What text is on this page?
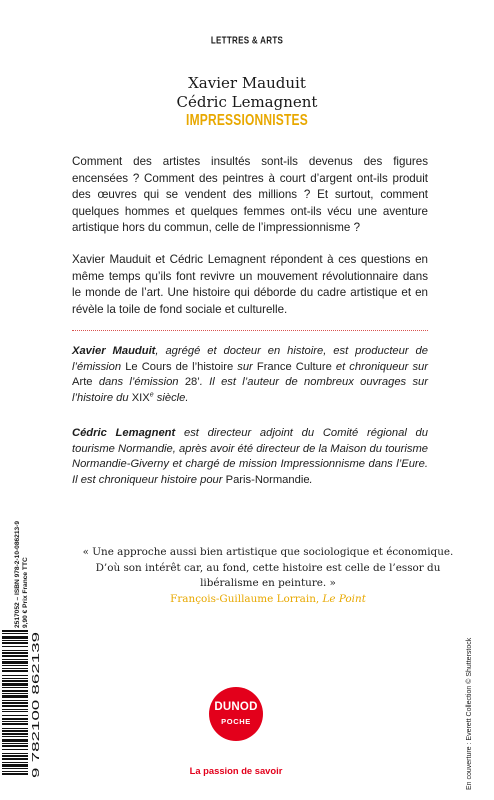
LETTRES & ARTS
Xavier Mauduit
Cédric Lemagnent
IMPRESSIONNISTES
Comment des artistes insultés sont-ils devenus des figures encensées ? Comment des peintres à court d’argent ont-ils produit des œuvres qui se vendent des millions ? Et surtout, comment quelques hommes et quelques femmes ont-ils vécu une aventure artistique hors du commun, celle de l’impressionnisme ?
Xavier Mauduit et Cédric Lemagnent répondent à ces questions en même temps qu’ils font revivre un mouvement révolutionnaire dans le monde de l’art. Une histoire qui déborde du cadre artistique et en révèle la toile de fond sociale et culturelle.
Xavier Mauduit, agrégé et docteur en histoire, est producteur de l’émission Le Cours de l’histoire sur France Culture et chroniqueur sur Arte dans l’émission 28’. Il est l’auteur de nombreux ouvrages sur l’histoire du XIXe siècle.
Cédric Lemagnent est directeur adjoint du Comité régional du tourisme Normandie, après avoir été directeur de la Maison du tourisme Normandie-Giverny et chargé de mission Impressionnisme dans l’Eure. Il est chroniqueur histoire pour Paris-Normandie.
2517052 – ISBN 978-2-10-086213-9 9,90 € Prix France TTC
« Une approche aussi bien artistique que sociologique et économique. D’où son intérêt car, au fond, cette histoire est celle de l’essor du libéralisme en peinture. »
François-Guillaume Lorrain, Le Point
9 782100 862139	DUNOD
POCHE
La passion de savoir	En couverture : Everett Collection © Shutterstock
